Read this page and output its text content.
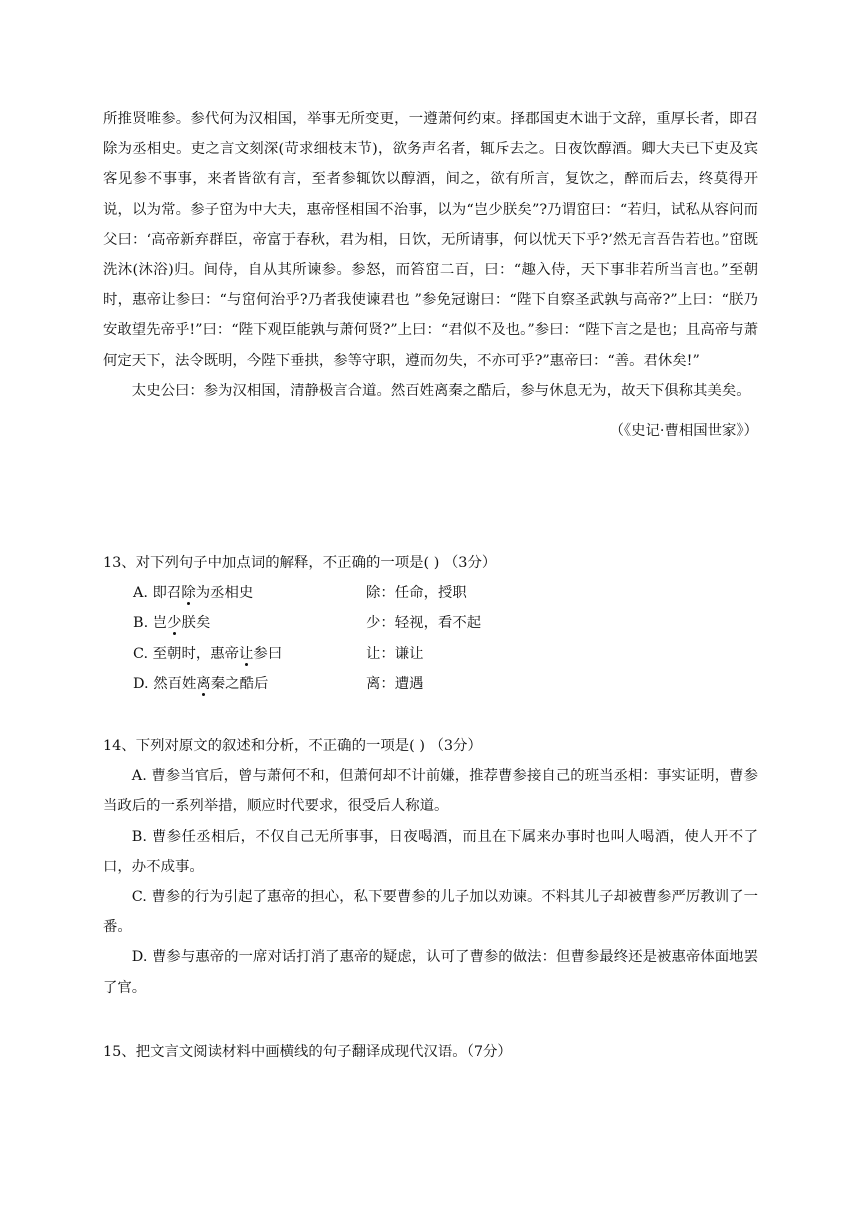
所推贤唯参。参代何为汉相国，举事无所变更，一遵萧何约束。择郡国吏木诎于文辞，重厚长者，即召除为丞相史。吏之言文刻深(苛求细枝末节)，欲务声名者，辄斥去之。日夜饮醇酒。卿大夫已下吏及宾客见参不事事，来者皆欲有言，至者参辄饮以醇酒，间之，欲有所言，复饮之，醉而后去，终莫得开说，以为常。参子窋为中大夫，惠帝怪相国不治事，以为“岂少朕矣”?乃谓窋曰：“若归，试私从容问而父曰：‘高帝新弃群臣，帝富于春秋，君为相，日饮，无所请事，何以忧天下乎?’然无言吾告若也。”窋既洗沐(沐浴)归。间侍，自从其所谏参。参怒，而笞窋二百，曰：“趣入侍，天下事非若所当言也。”至朝时，惠帝让参曰：“与窋何治乎?乃者我使谏君也 ”参免冠谢曰：“陛下自察圣武孰与高帝?”上曰：“朕乃安敢望先帝乎!”曰：“陛下观臣能孰与萧何贤?”上曰：“君似不及也。”参曰：“陛下言之是也；且高帝与萧何定天下，法令既明，今陛下垂拱，参等守职，遵而勿失，不亦可乎?”惠帝曰：“善。君休矣!”

太史公曰：参为汉相国，清静极言合道。然百姓离秦之酷后，参与休息无为，故天下俱称其美矣。

（《史记·曹相国世家》）

13、对下列句子中加点词的解释，不正确的一项是( ) （3分）

A. 即召除为丞相史	除：任命，授职
B. 岂少朕矣	少：轻视，看不起
C. 至朝时，惠帝让参曰	让：谦让
D. 然百姓离秦之酷后	离：遭遇

14、下列对原文的叙述和分析，不正确的一项是( ) （3分）

A. 曹参当官后，曾与萧何不和，但萧何却不计前嫌，推荐曹参接自己的班当丞相：事实证明，曹参当政后的一系列举措，顺应时代要求，很受后人称道。

B. 曹参任丞相后，不仅自己无所事事，日夜喝酒，而且在下属来办事时也叫人喝酒，使人开不了口，办不成事。

C. 曹参的行为引起了惠帝的担心，私下要曹参的儿子加以劝谏。不料其儿子却被曹参严厉教训了一番。

D. 曹参与惠帝的一席对话打消了惠帝的疑虑，认可了曹参的做法：但曹参最终还是被惠帝体面地罢了官。

15、把文言文阅读材料中画横线的句子翻译成现代汉语。（7分）
